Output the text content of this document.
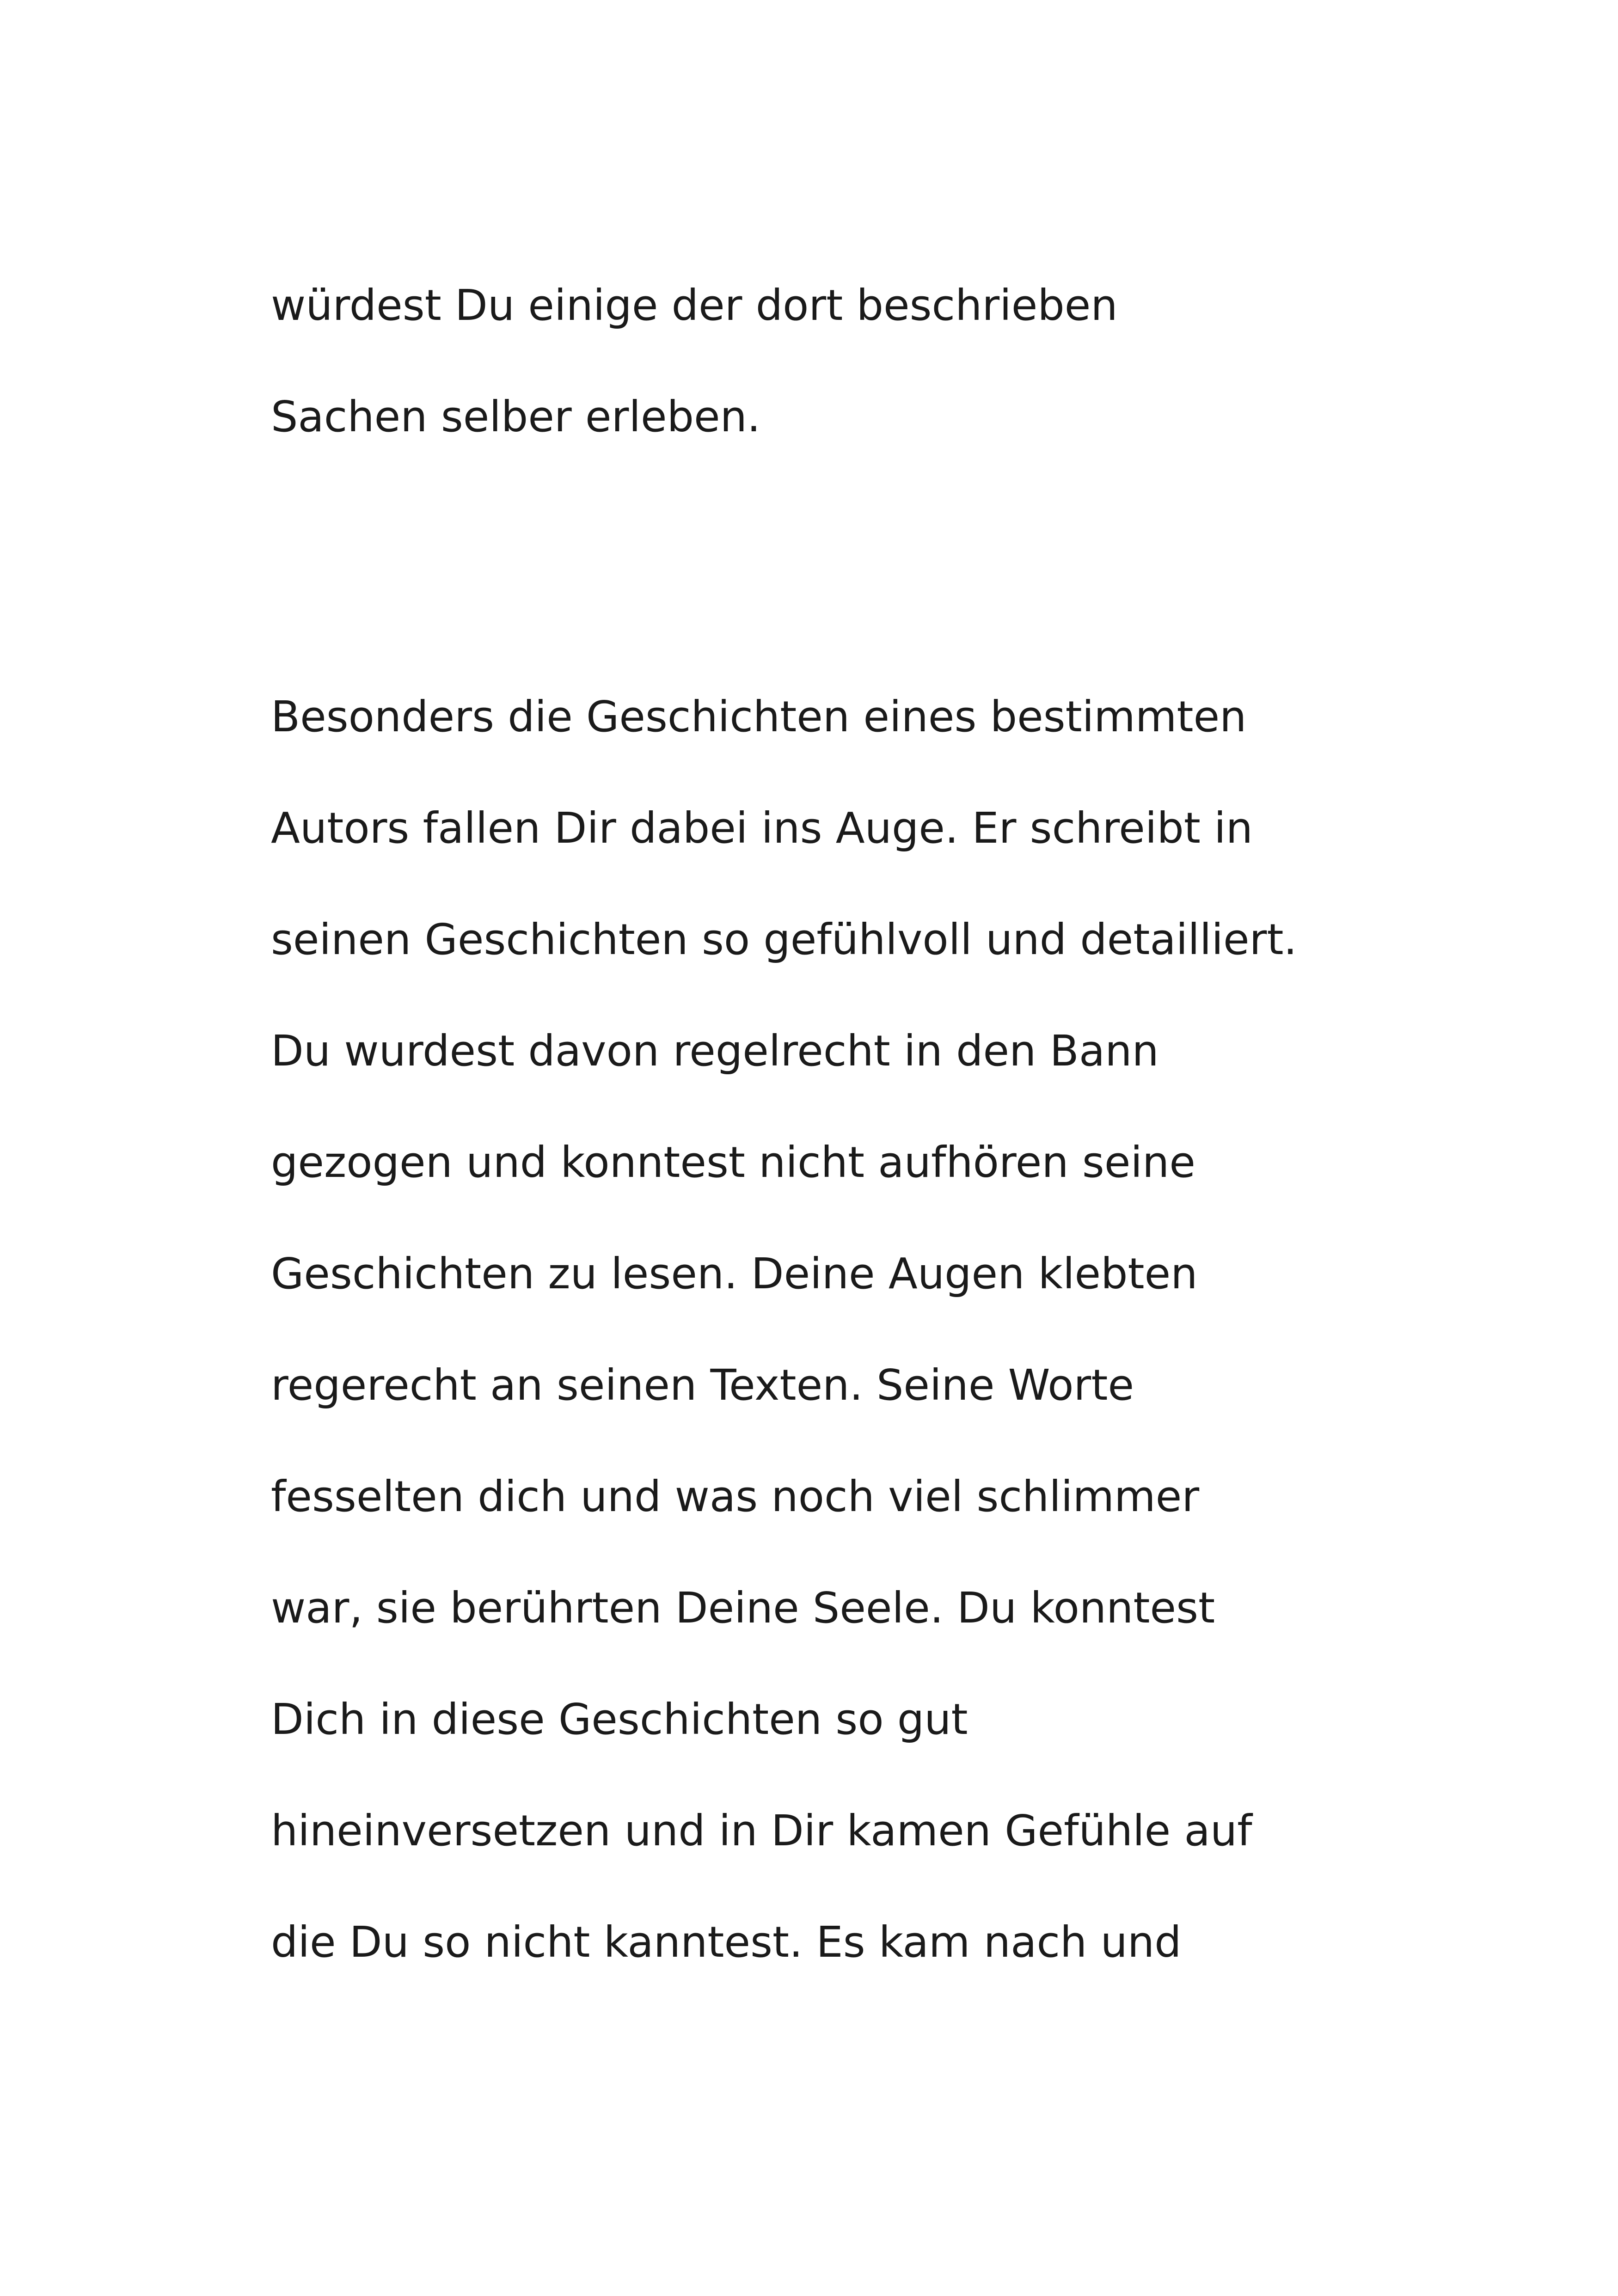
würdest Du einige der dort beschrieben
Sachen selber erleben.

Besonders die Geschichten eines bestimmten
Autors fallen Dir dabei ins Auge. Er schreibt in
seinen Geschichten so gefühlvoll und detailliert.
Du wurdest davon regelrecht in den Bann
gezogen und konntest nicht aufhören seine
Geschichten zu lesen. Deine Augen klebten
regerecht an seinen Texten. Seine Worte
fesselten dich und was noch viel schlimmer
war, sie berührten Deine Seele. Du konntest
Dich in diese Geschichten so gut
hineinversetzen und in Dir kamen Gefühle auf
die Du so nicht kanntest. Es kam nach und
